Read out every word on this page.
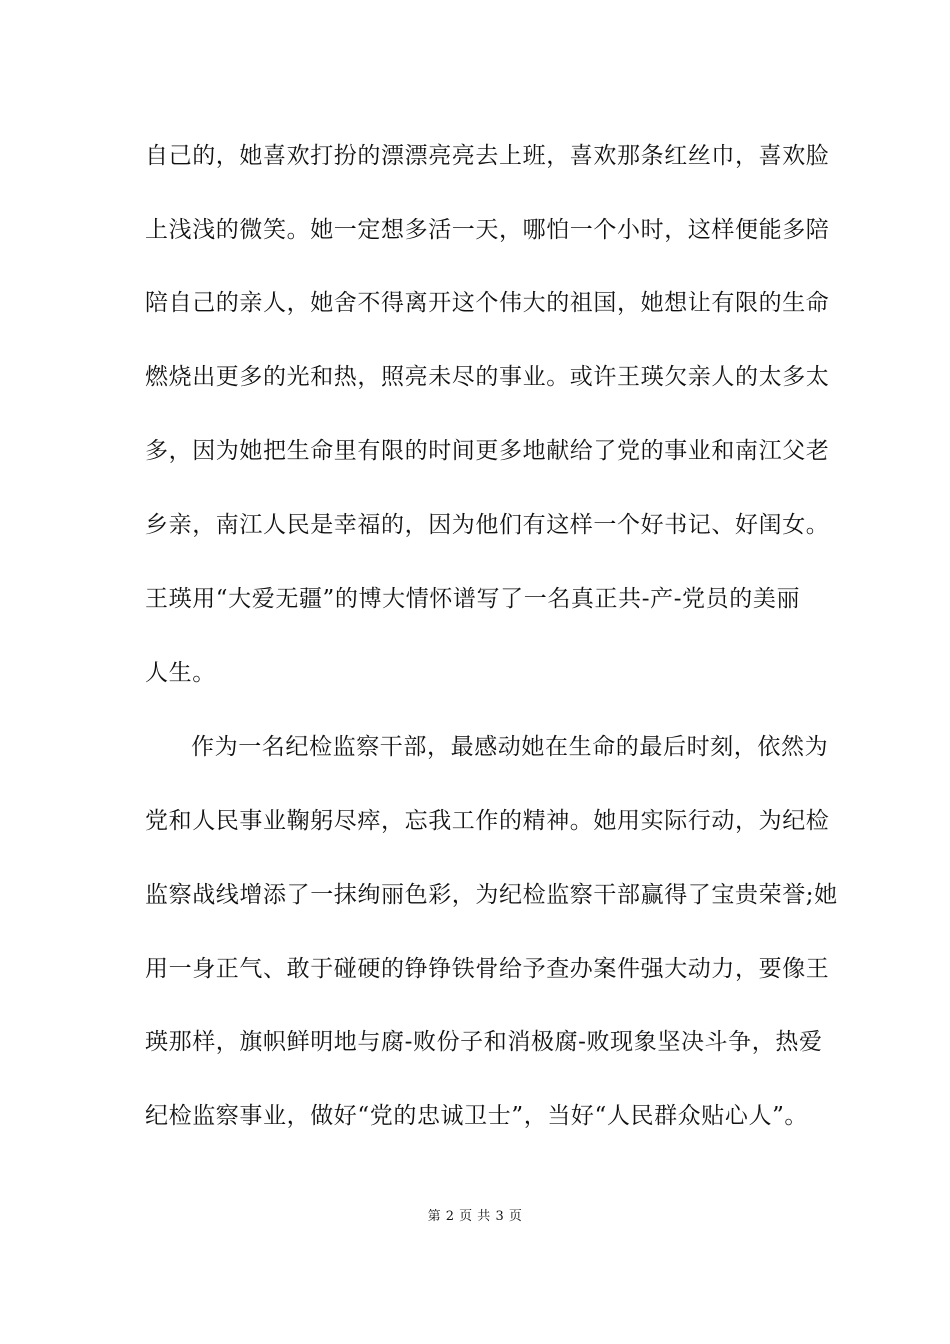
自己的，她喜欢打扮的漂漂亮亮去上班，喜欢那条红丝巾，喜欢脸
上浅浅的微笑。她一定想多活一天，哪怕一个小时，这样便能多陪
陪自己的亲人，她舍不得离开这个伟大的祖国，她想让有限的生命
燃烧出更多的光和热，照亮未尽的事业。或许王瑛欠亲人的太多太
多，因为她把生命里有限的时间更多地献给了党的事业和南江父老
乡亲，南江人民是幸福的，因为他们有这样一个好书记、好闺女。
王瑛用“大爱无疆”的博大情怀谱写了一名真正共-产-党员的美丽
人生。
作为一名纪检监察干部，最感动她在生命的最后时刻，依然为
党和人民事业鞠躬尽瘁，忘我工作的精神。她用实际行动，为纪检
监察战线增添了一抹绚丽色彩，为纪检监察干部赢得了宝贵荣誉;她
用一身正气、敢于碰硬的铮铮铁骨给予查办案件强大动力，要像王
瑛那样，旗帜鲜明地与腐-败份子和消极腐-败现象坚决斗争，热爱
纪检监察事业，做好“党的忠诚卫士”，当好“人民群众贴心人”。
第 2 页 共 3 页
